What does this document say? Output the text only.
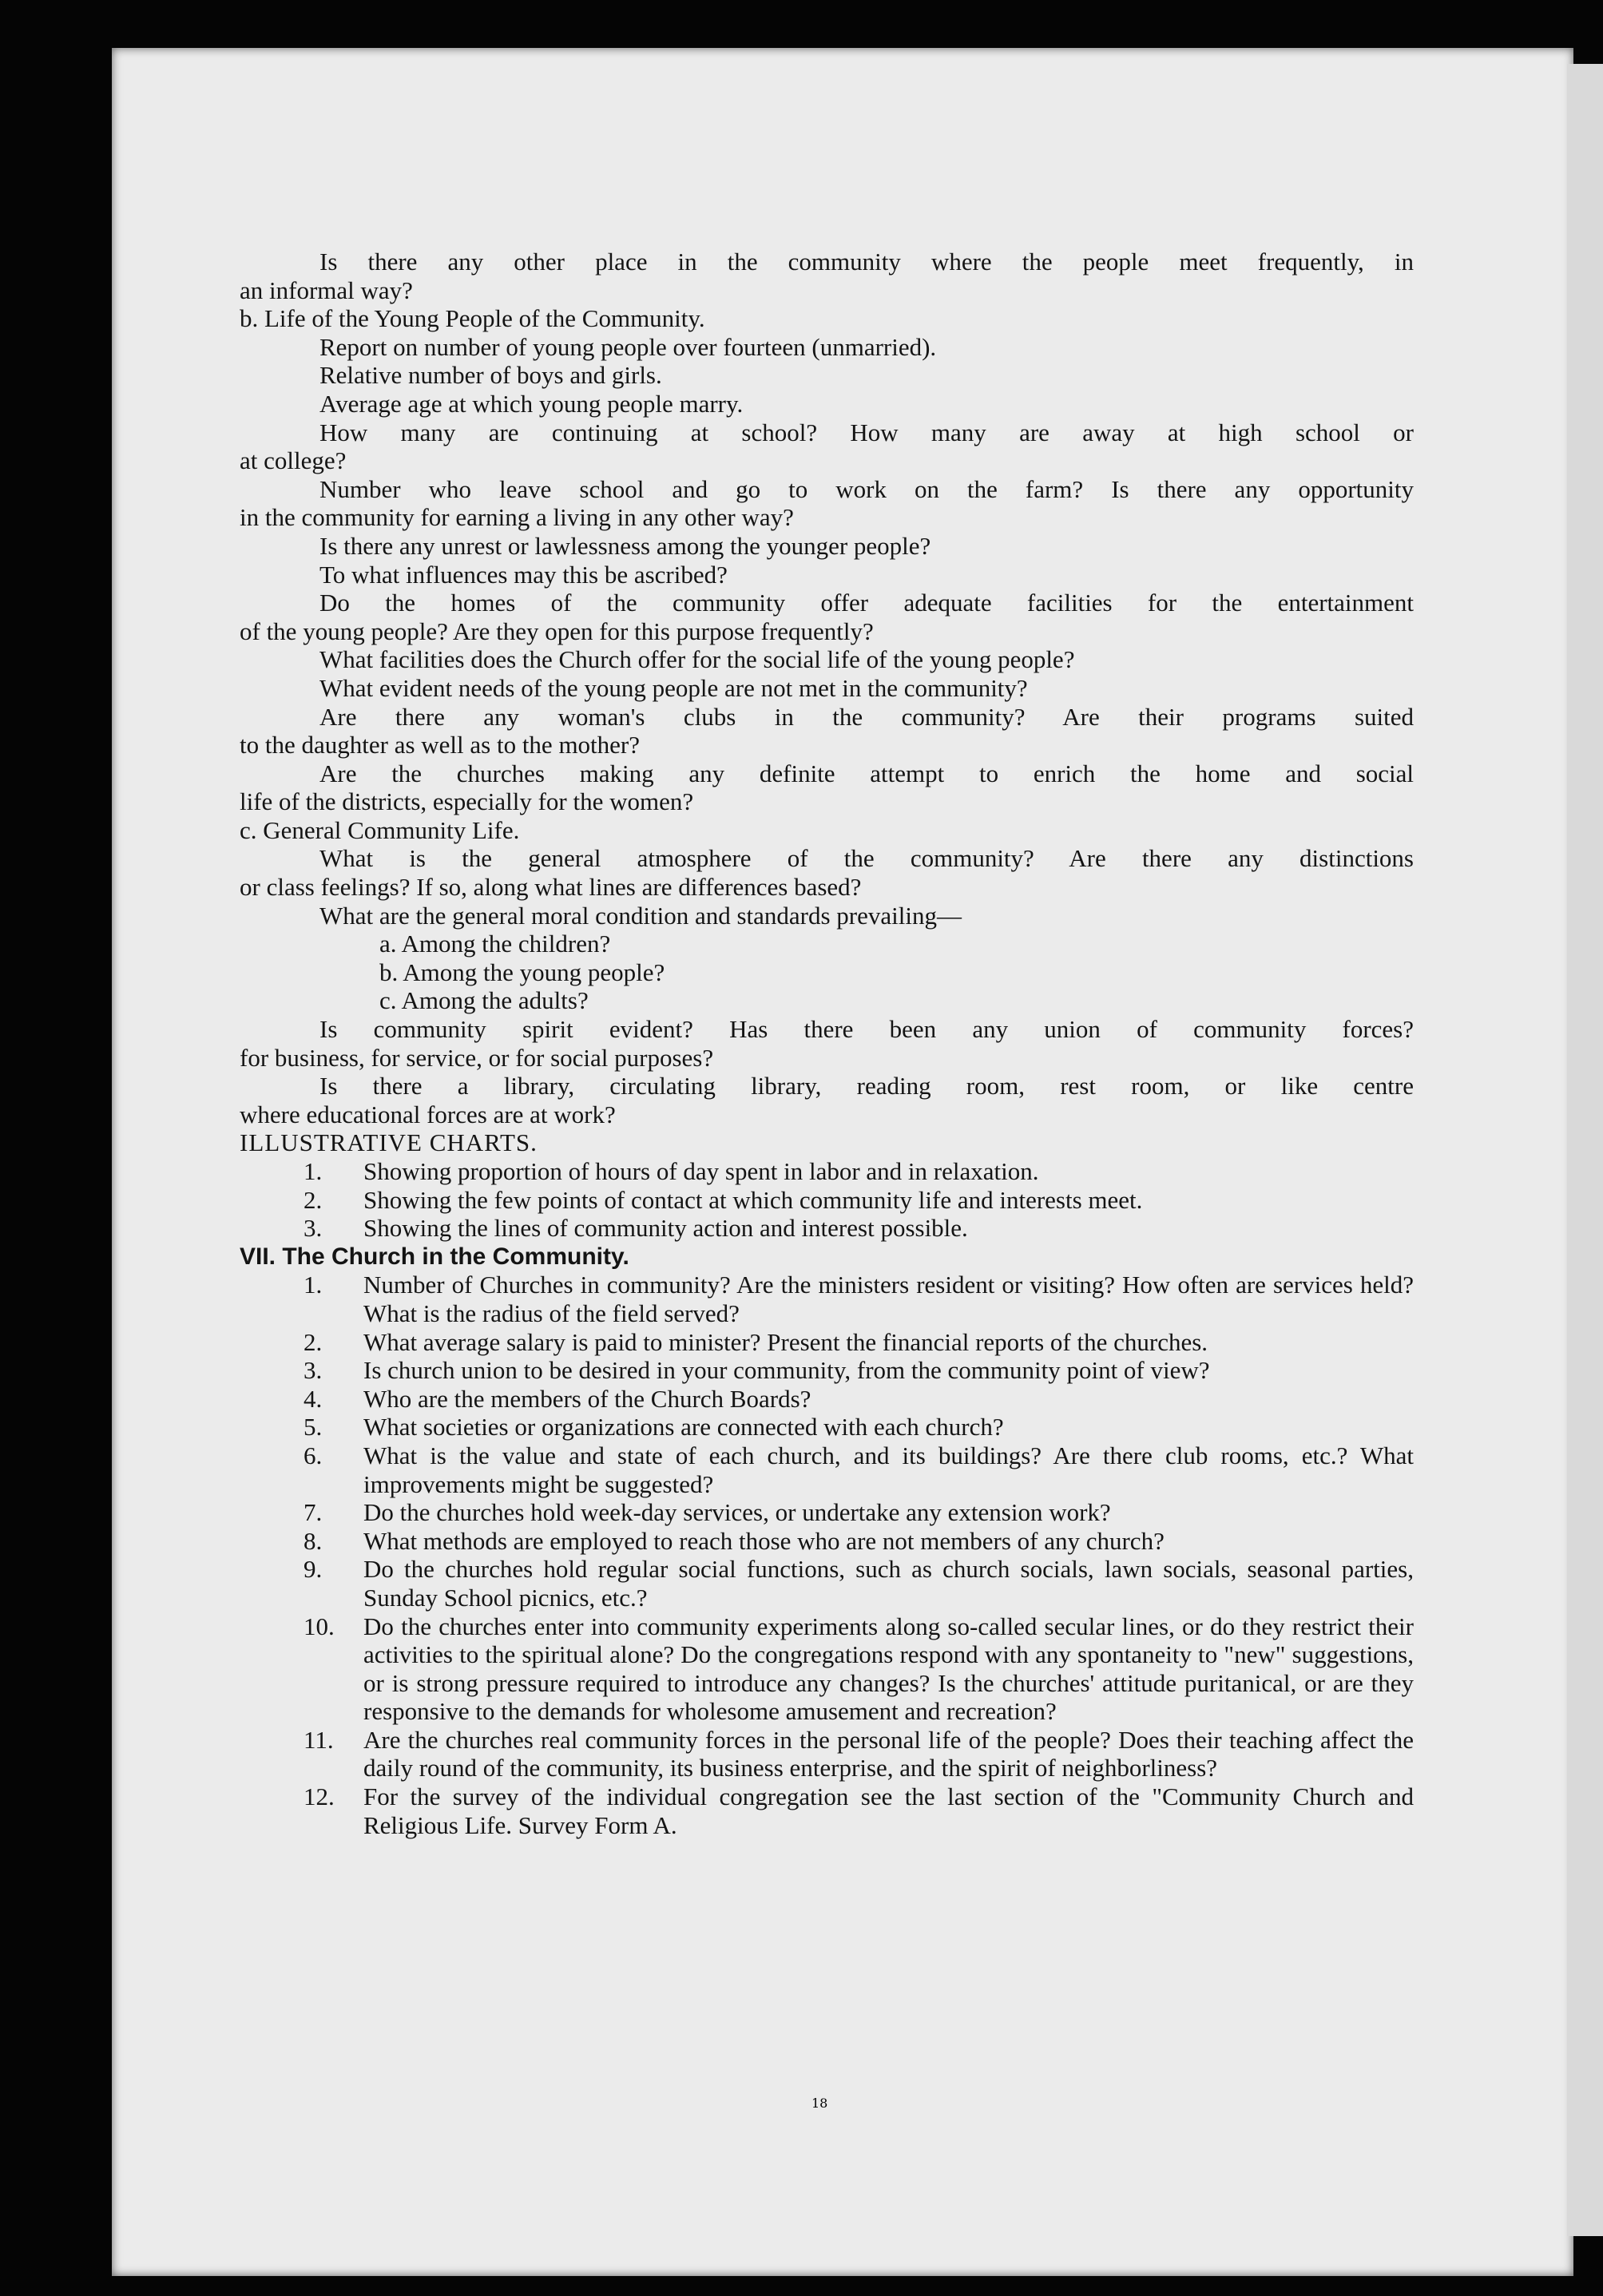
Is there any other place in the community where the people meet frequently, in
an informal way?
b. Life of the Young People of the Community.
Report on number of young people over fourteen (unmarried).
Relative number of boys and girls.
Average age at which young people marry.
How many are continuing at school? How many are away at high school or
at college?
Number who leave school and go to work on the farm? Is there any opportunity
in the community for earning a living in any other way?
Is there any unrest or lawlessness among the younger people?
To what influences may this be ascribed?
Do the homes of the community offer adequate facilities for the entertainment
of the young people? Are they open for this purpose frequently?
What facilities does the Church offer for the social life of the young people?
What evident needs of the young people are not met in the community?
Are there any woman's clubs in the community? Are their programs suited
to the daughter as well as to the mother?
Are the churches making any definite attempt to enrich the home and social
life of the districts, especially for the women?
c. General Community Life.
What is the general atmosphere of the community? Are there any distinctions
or class feelings? If so, along what lines are differences based?
What are the general moral condition and standards prevailing—
a. Among the children?
b. Among the young people?
c. Among the adults?
Is community spirit evident? Has there been any union of community forces?
for business, for service, or for social purposes?
Is there a library, circulating library, reading room, rest room, or like centre
where educational forces are at work?
ILLUSTRATIVE CHARTS.
1. Showing proportion of hours of day spent in labor and in relaxation.
2. Showing the few points of contact at which community life and interests meet.
3. Showing the lines of community action and interest possible.
VII. The Church in the Community.
1. Number of Churches in community? Are the ministers resident or visiting? How often are services held? What is the radius of the field served?
2. What average salary is paid to minister? Present the financial reports of the churches.
3. Is church union to be desired in your community, from the community point of view?
4. Who are the members of the Church Boards?
5. What societies or organizations are connected with each church?
6. What is the value and state of each church, and its buildings? Are there club rooms, etc.? What improvements might be suggested?
7. Do the churches hold week-day services, or undertake any extension work?
8. What methods are employed to reach those who are not members of any church?
9. Do the churches hold regular social functions, such as church socials, lawn socials, seasonal parties, Sunday School picnics, etc.?
10. Do the churches enter into community experiments along so-called secular lines, or do they restrict their activities to the spiritual alone? Do the congregations respond with any spontaneity to "new" suggestions, or is strong pressure required to introduce any changes? Is the churches' attitude puritanical, or are they responsive to the demands for wholesome amusement and recreation?
11. Are the churches real community forces in the personal life of the people? Does their teaching affect the daily round of the community, its business enterprise, and the spirit of neighborliness?
12. For the survey of the individual congregation see the last section of the "Community Church and Religious Life. Survey Form A.
18
